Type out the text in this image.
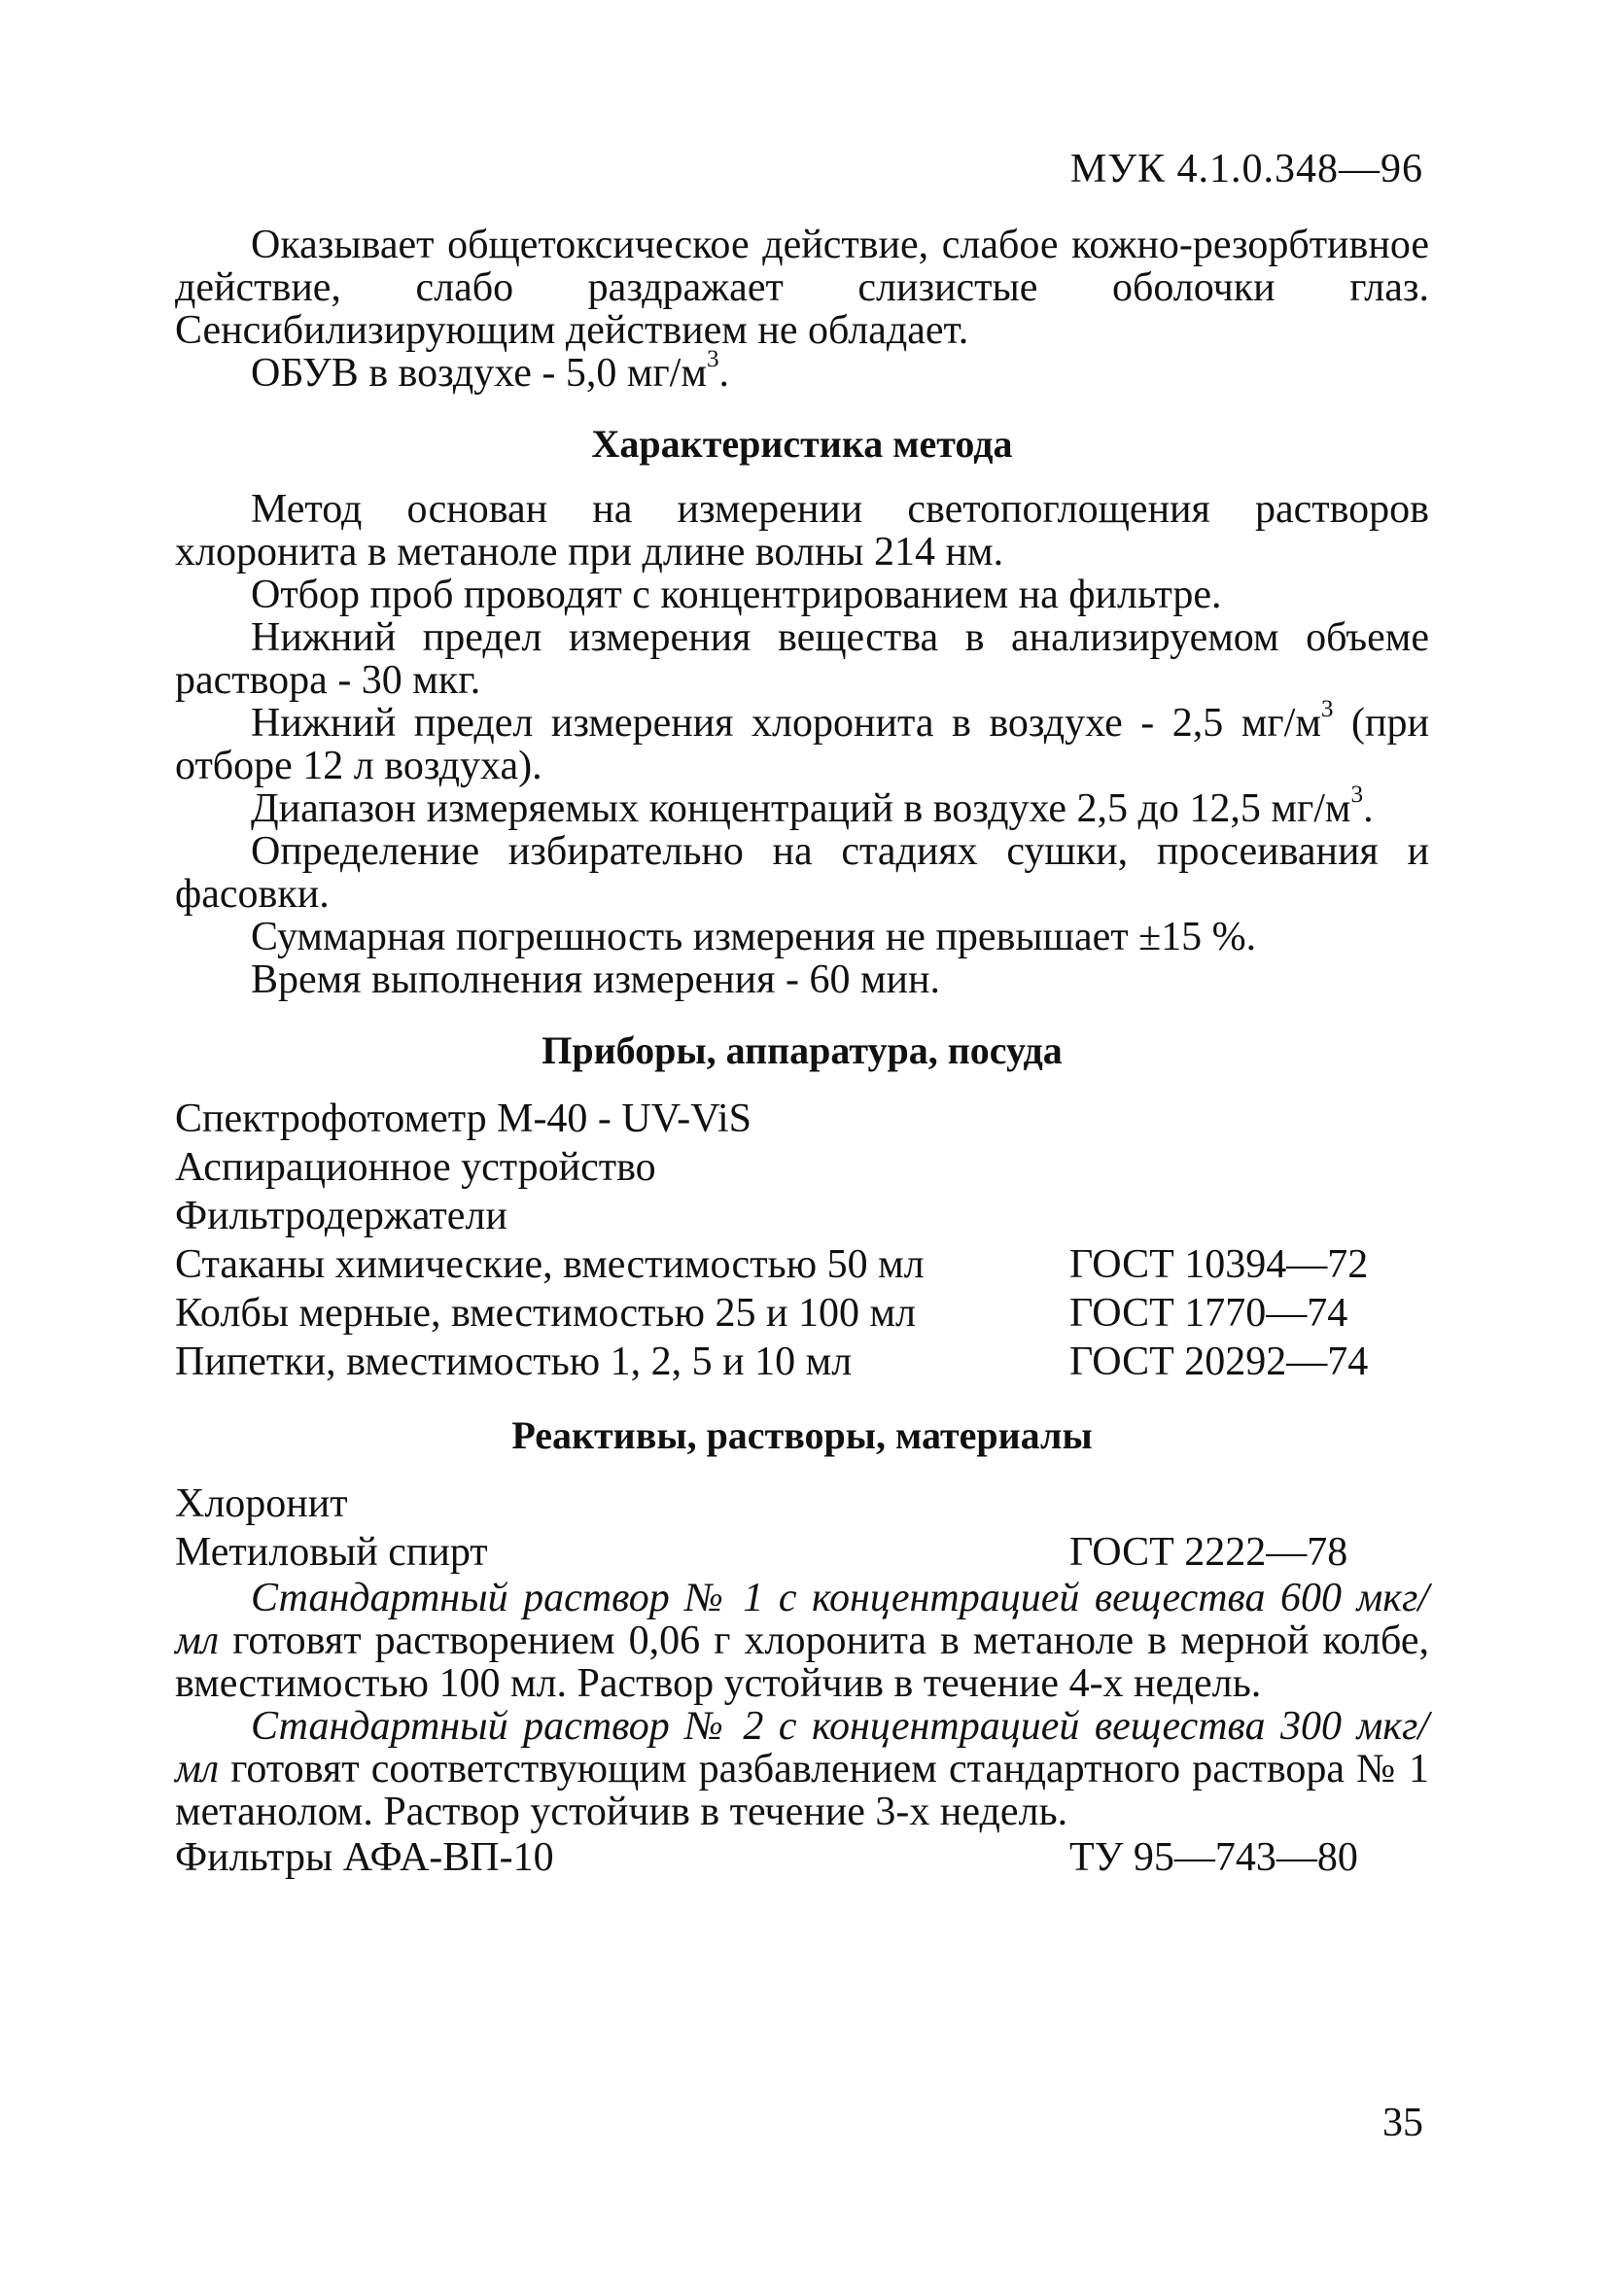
МУК 4.1.0.348—96

Оказывает общетоксическое действие, слабое кожно-резорбтивное действие, слабо раздражает слизистые оболочки глаз. Сенсибилизирующим действием не обладает.

ОБУВ в воздухе - 5,0 $мг/м^3$.

Характеристика метода

Метод основан на измерении светопоглощения растворов хлоронита в метаноле при длине волны 214 нм.

Отбор проб проводят с концентрированием на фильтре.

Нижний предел измерения вещества в анализируемом объеме раствора - 30 мкг.

Нижний предел измерения хлоронита в воздухе - 2,5 $мг/м^3$ (при отборе 12 л воздуха).

Диапазон измеряемых концентраций в воздухе 2,5 до 12,5 $мг/м^3$.

Определение избирательно на стадиях сушки, просеивания и фасовки.

Суммарная погрешность измерения не превышает ±15 %.

Время выполнения измерения - 60 мин.

Приборы, аппаратура, посуда
Спектрофотометр М-40 - UV-ViS
Аспирационное устройство
Фильтродержатели
Стаканы химические, вместимостью 50 мл	ГОСТ 10394—72
Колбы мерные, вместимостью 25 и 100 мл	ГОСТ 1770—74
Пипетки, вместимостью 1, 2, 5 и 10 мл	ГОСТ 20292—74
Реактивы, растворы, материалы
Хлоронит
Метиловый спирт	ГОСТ 2222—78

Стандартный раствор № 1 с концентрацией вещества 600 мкг/мл готовят растворением 0,06 г хлоронита в метаноле в мерной колбе, вместимостью 100 мл. Раствор устойчив в течение 4-х недель.

Стандартный раствор № 2 с концентрацией вещества 300 мкг/мл готовят соответствующим разбавлением стандартного раствора № 1 метанолом. Раствор устойчив в течение 3-х недель.

Фильтры АФА-ВП-10	ТУ 95—743—80
35
